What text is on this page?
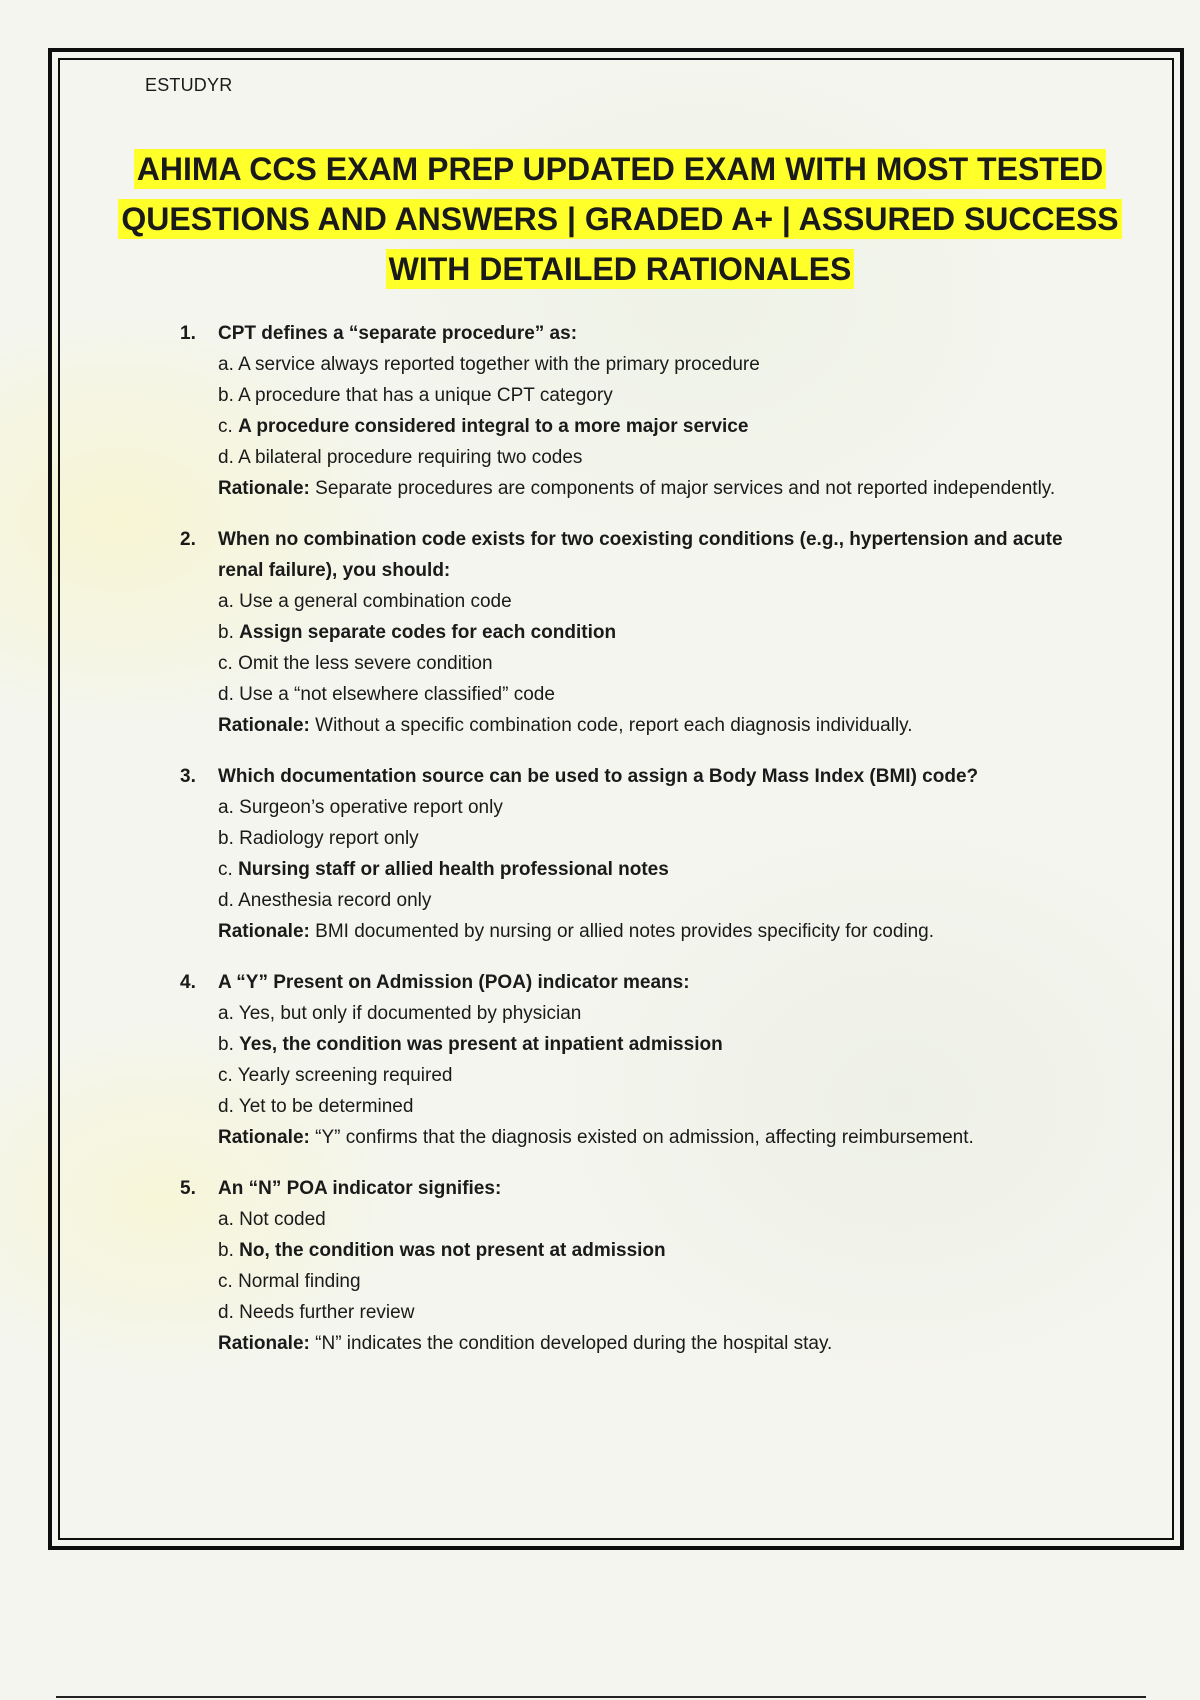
ESTUDYR
AHIMA CCS EXAM PREP UPDATED EXAM WITH MOST TESTED
QUESTIONS AND ANSWERS | GRADED A+ | ASSURED SUCCESS
WITH DETAILED RATIONALES
1.	CPT defines a “separate procedure” as:
a. A service always reported together with the primary procedure
b. A procedure that has a unique CPT category
c. A procedure considered integral to a more major service
d. A bilateral procedure requiring two codes
Rationale: Separate procedures are components of major services and not reported independently.
2.	When no combination code exists for two coexisting conditions (e.g., hypertension and acute renal failure), you should:
a. Use a general combination code
b. Assign separate codes for each condition
c. Omit the less severe condition
d. Use a “not elsewhere classified” code
Rationale: Without a specific combination code, report each diagnosis individually.
3.	Which documentation source can be used to assign a Body Mass Index (BMI) code?
a. Surgeon’s operative report only
b. Radiology report only
c. Nursing staff or allied health professional notes
d. Anesthesia record only
Rationale: BMI documented by nursing or allied notes provides specificity for coding.
4.	A “Y” Present on Admission (POA) indicator means:
a. Yes, but only if documented by physician
b. Yes, the condition was present at inpatient admission
c. Yearly screening required
d. Yet to be determined
Rationale: “Y” confirms that the diagnosis existed on admission, affecting reimbursement.
5.	An “N” POA indicator signifies:
a. Not coded
b. No, the condition was not present at admission
c. Normal finding
d. Needs further review
Rationale: “N” indicates the condition developed during the hospital stay.
